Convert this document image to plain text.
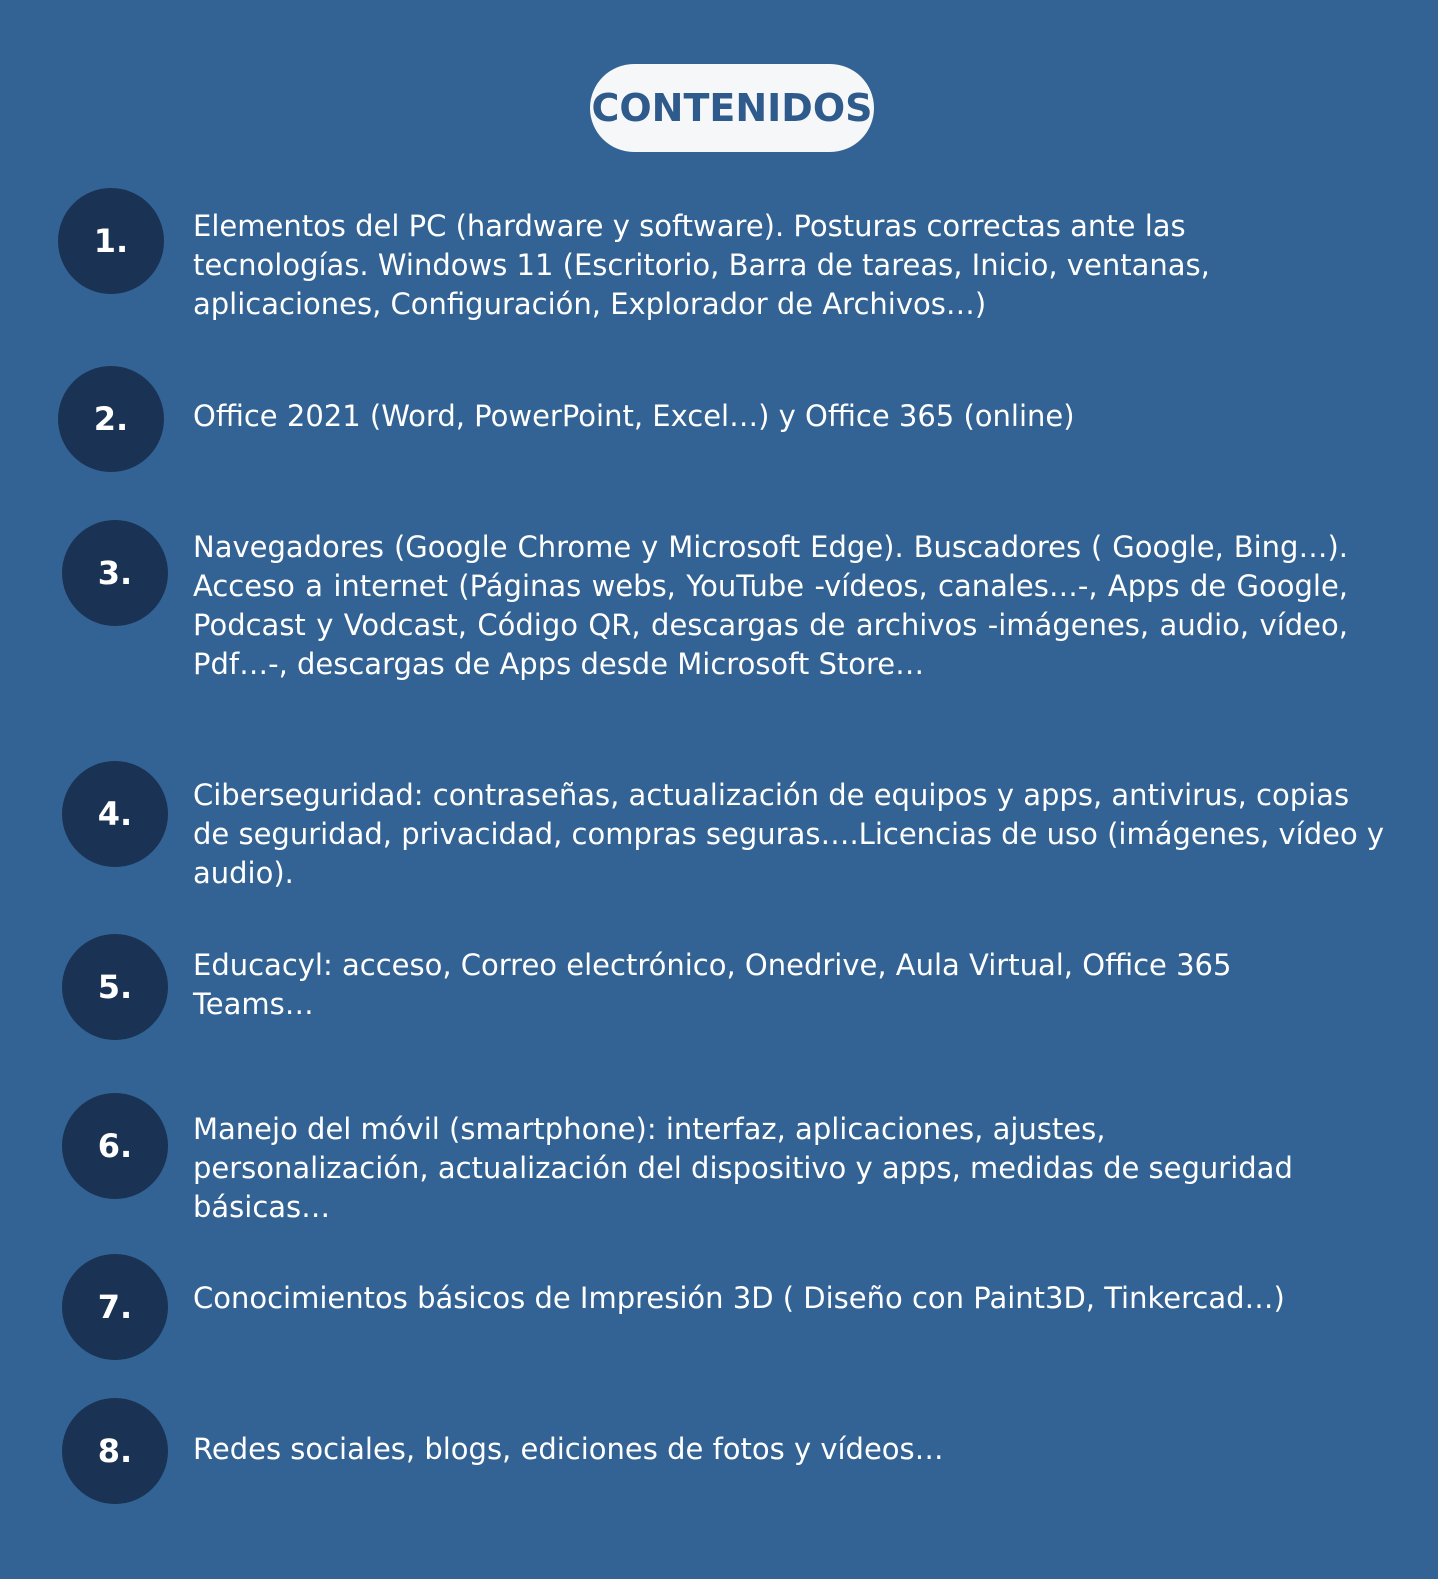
CONTENIDOS
1. Elementos del PC (hardware y software). Posturas correctas ante las tecnologías. Windows 11 (Escritorio, Barra de tareas, Inicio, ventanas, aplicaciones, Configuración, Explorador de Archivos…)

2. Office 2021 (Word, PowerPoint, Excel…) y Office 365 (online)

3.

Navegadores (Google Chrome y Microsoft Edge). Buscadores ( Google, Bing…). Acceso a internet (Páginas webs, YouTube -vídeos, canales…-, Apps de Google, Podcast y Vodcast, Código QR, descargas de archivos -imágenes, audio, vídeo, Pdf…-, descargas de Apps desde Microsoft Store…

4. Ciberseguridad: contraseñas, actualización de equipos y apps, antivirus, copias de seguridad, privacidad, compras seguras….Licencias de uso (imágenes, vídeo y audio).

5.

Educacyl: acceso, Correo electrónico, Onedrive, Aula Virtual, Office 365 Teams…

6. Manejo del móvil (smartphone): interfaz, aplicaciones, ajustes, personalización, actualización del dispositivo y apps, medidas de seguridad básicas…

7. Conocimientos básicos de Impresión 3D ( Diseño con Paint3D, Tinkercad…)

8. Redes sociales, blogs, ediciones de fotos y vídeos…
